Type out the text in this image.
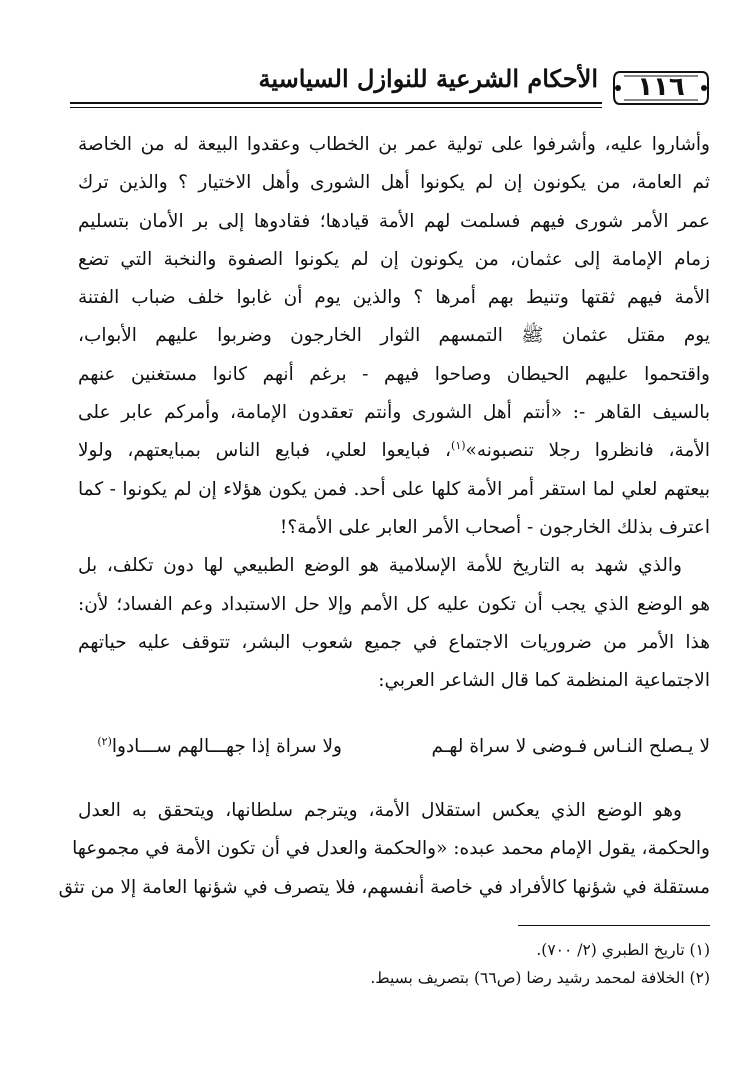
الأحكام الشرعية للنوازل السياسية	١١٦

وأشاروا عليه، وأشرفوا على تولية عمر بن الخطاب وعقدوا البيعة له من الخاصة
ثم العامة، من يكونون إن لم يكونوا أهل الشورى وأهل الاختيار ؟ والذين ترك
عمر الأمر شورى فيهم فسلمت لهم الأمة قيادها؛ فقادوها إلى بر الأمان بتسليم
زمام الإمامة إلى عثمان، من يكونون إن لم يكونوا الصفوة والنخبة التي تضع
الأمة فيهم ثقتها وتنيط بهم أمرها ؟ والذين يوم أن غابوا خلف ضباب الفتنة
يوم مقتل عثمان ﷺ التمسهم الثوار الخارجون وضربوا عليهم الأبواب،
واقتحموا عليهم الحيطان وصاحوا فيهم - برغم أنهم كانوا مستغنين عنهم
بالسيف القاهر -: «أنتم أهل الشورى وأنتم تعقدون الإمامة، وأمركم عابر على
الأمة، فانظروا رجلا تنصبونه»$^{(١)}$، فبايعوا لعلي، فبايع الناس بمبايعتهم، ولولا
بيعتهم لعلي لما استقر أمر الأمة كلها على أحد. فمن يكون هؤلاء إن لم يكونوا - كما
اعترف بذلك الخارجون - أصحاب الأمر العابر على الأمة؟!

والذي شهد به التاريخ للأمة الإسلامية هو الوضع الطبيعي لها دون تكلف، بل

هو الوضع الذي يجب أن تكون عليه كل الأمم وإلا حل الاستبداد وعم الفساد؛ لأن:
هذا الأمر من ضروريات الاجتماع في جميع شعوب البشر، تتوقف عليه حياتهم
الاجتماعية المنظمة كما قال الشاعر العربي:

لا يـصلح النـاس فـوضى لا سراة لهـم
ولا سراة إذا جهـــالهم ســـادوا$^{(٢)}$

وهو الوضع الذي يعكس استقلال الأمة، ويترجم سلطانها، ويتحقق به العدل

والحكمة، يقول الإمام محمد عبده: «والحكمة والعدل في أن تكون الأمة في مجموعها
مستقلة في شؤنها كالأفراد في خاصة أنفسهم، فلا يتصرف في شؤنها العامة إلا من تثق

(١) تاريخ الطبري (٢/ ٧٠٠).
(٢) الخلافة لمحمد رشيد رضا (ص٦٦) بتصريف بسيط.
